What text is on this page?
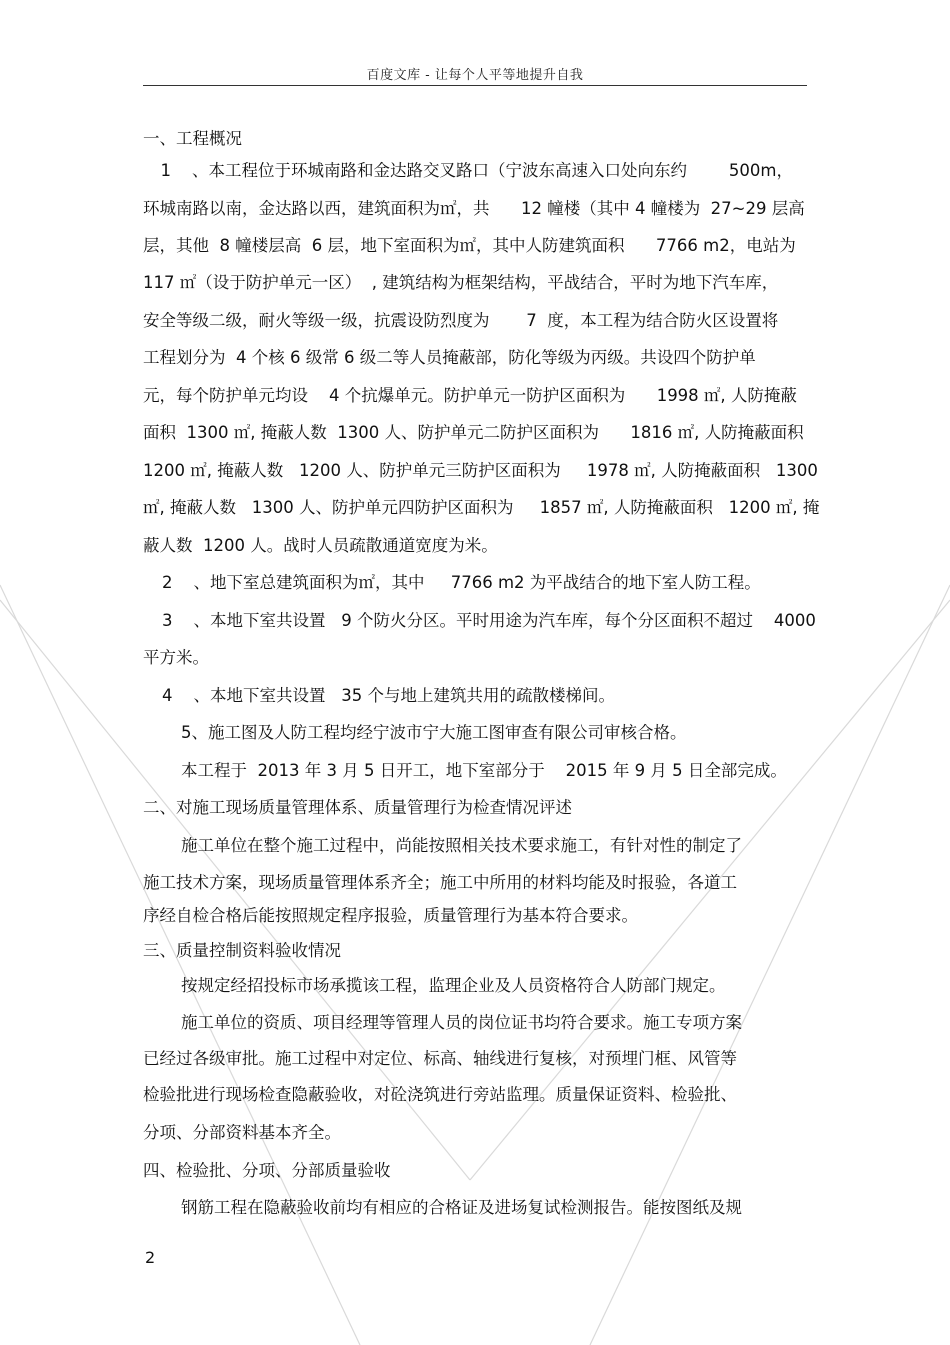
百度文库 - 让每个人平等地提升自我
一、工程概况
1    、本工程位于环城南路和金达路交叉路口（宁波东高速入口处向东约        500m，
环城南路以南，金达路以西，建筑面积为㎡，共      12 幢楼（其中 4 幢楼为  27~29 层高
层，其他  8 幢楼层高  6 层，地下室面积为㎡，其中人防建筑面积      7766 m2，电站为
117 ㎡（设于防护单元一区）  , 建筑结构为框架结构，平战结合，平时为地下汽车库，
安全等级二级，耐火等级一级，抗震设防烈度为       7  度，本工程为结合防火区设置将
工程划分为  4 个核 6 级常 6 级二等人员掩蔽部，防化等级为丙级。共设四个防护单
元，每个防护单元均设    4 个抗爆单元。防护单元一防护区面积为      1998 ㎡, 人防掩蔽
面积  1300 ㎡, 掩蔽人数  1300 人、防护单元二防护区面积为      1816 ㎡, 人防掩蔽面积
1200 ㎡, 掩蔽人数   1200 人、防护单元三防护区面积为     1978 ㎡, 人防掩蔽面积   1300
㎡, 掩蔽人数   1300 人、防护单元四防护区面积为     1857 ㎡, 人防掩蔽面积   1200 ㎡, 掩
蔽人数  1200 人。战时人员疏散通道宽度为米。
2    、地下室总建筑面积为㎡，其中     7766 m2 为平战结合的地下室人防工程。
3    、本地下室共设置   9 个防火分区。平时用途为汽车库，每个分区面积不超过    4000
平方米。
4    、本地下室共设置   35 个与地上建筑共用的疏散楼梯间。
5、施工图及人防工程均经宁波市宁大施工图审查有限公司审核合格。
本工程于  2013 年 3 月 5 日开工，地下室部分于    2015 年 9 月 5 日全部完成。
二、对施工现场质量管理体系、质量管理行为检查情况评述
施工单位在整个施工过程中，尚能按照相关技术要求施工，有针对性的制定了
施工技术方案，现场质量管理体系齐全；施工中所用的材料均能及时报验，各道工
序经自检合格后能按照规定程序报验，质量管理行为基本符合要求。
三、质量控制资料验收情况
按规定经招投标市场承揽该工程，监理企业及人员资格符合人防部门规定。
施工单位的资质、项目经理等管理人员的岗位证书均符合要求。施工专项方案
已经过各级审批。施工过程中对定位、标高、轴线进行复核，对预埋门框、风管等
检验批进行现场检查隐蔽验收，对砼浇筑进行旁站监理。质量保证资料、检验批、
分项、分部资料基本齐全。
四、检验批、分项、分部质量验收
钢筋工程在隐蔽验收前均有相应的合格证及进场复试检测报告。能按图纸及规
2
